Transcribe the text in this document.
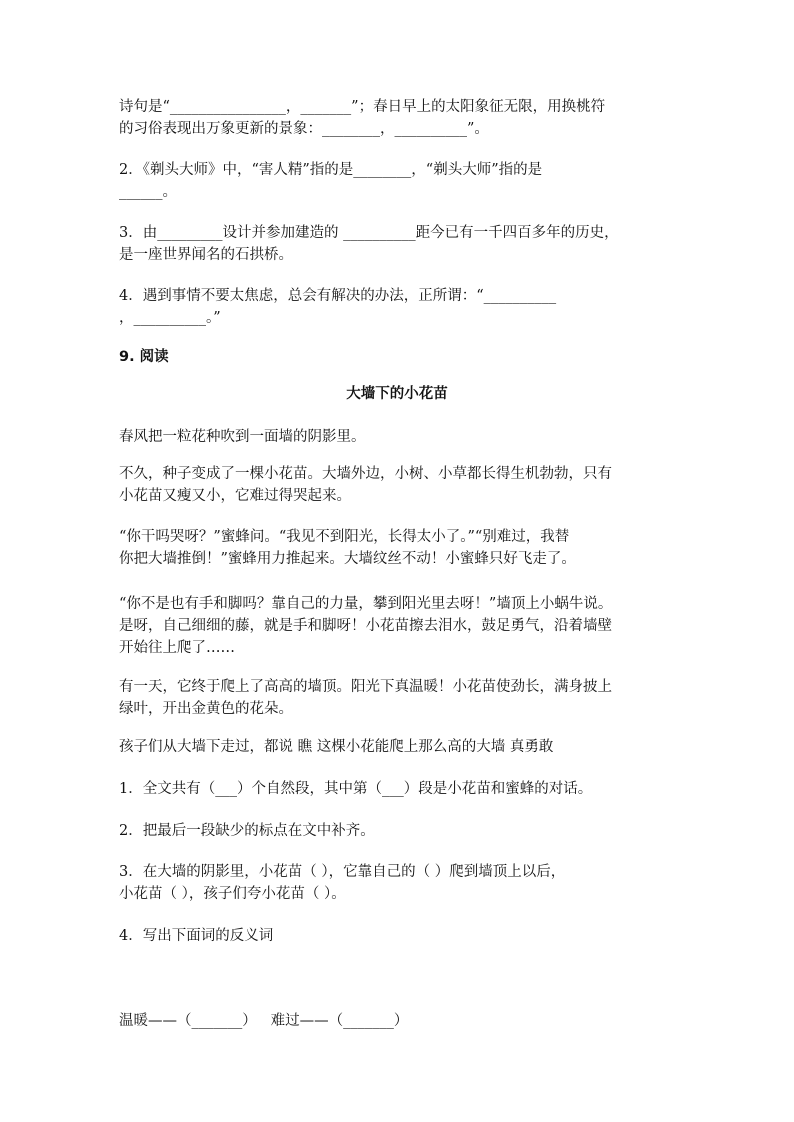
诗句是“________________，_______”；春日早上的太阳象征无限，用换桃符
的习俗表现出万象更新的景象：________，__________”。
2．《剃头大师》中，“害人精”指的是________，“剃头大师”指的是
______。
3．由_________设计并参加建造的 __________距今已有一千四百多年的历史，
是一座世界闻名的石拱桥。
4．遇到事情不要太焦虑，总会有解决的办法，正所谓：“__________
，__________。”
9. 阅读
大墙下的小花苗
春风把一粒花种吹到一面墙的阴影里。
不久，种子变成了一棵小花苗。大墙外边，小树、小草都长得生机勃勃，只有
小花苗又瘦又小，它难过得哭起来。
“你干吗哭呀？”蜜蜂问。“我见不到阳光，长得太小了。”“别难过，我替
你把大墙推倒！”蜜蜂用力推起来。大墙纹丝不动！小蜜蜂只好飞走了。
“你不是也有手和脚吗？靠自己的力量，攀到阳光里去呀！”墙顶上小蜗牛说。
是呀，自己细细的藤，就是手和脚呀！小花苗擦去泪水，鼓足勇气，沿着墙壁
开始往上爬了……
有一天，它终于爬上了高高的墙顶。阳光下真温暖！小花苗使劲长，满身披上
绿叶，开出金黄色的花朵。
孩子们从大墙下走过，都说 瞧 这棵小花能爬上那么高的大墙 真勇敢
1．全文共有（___）个自然段，其中第（___）段是小花苗和蜜蜂的对话。
2．把最后一段缺少的标点在文中补齐。
3．在大墙的阴影里，小花苗（ ），它靠自己的（ ）爬到墙顶上以后，
小花苗（ ），孩子们夸小花苗（ ）。
4．写出下面词的反义词

温暖——（_______）   难过——（_______）
